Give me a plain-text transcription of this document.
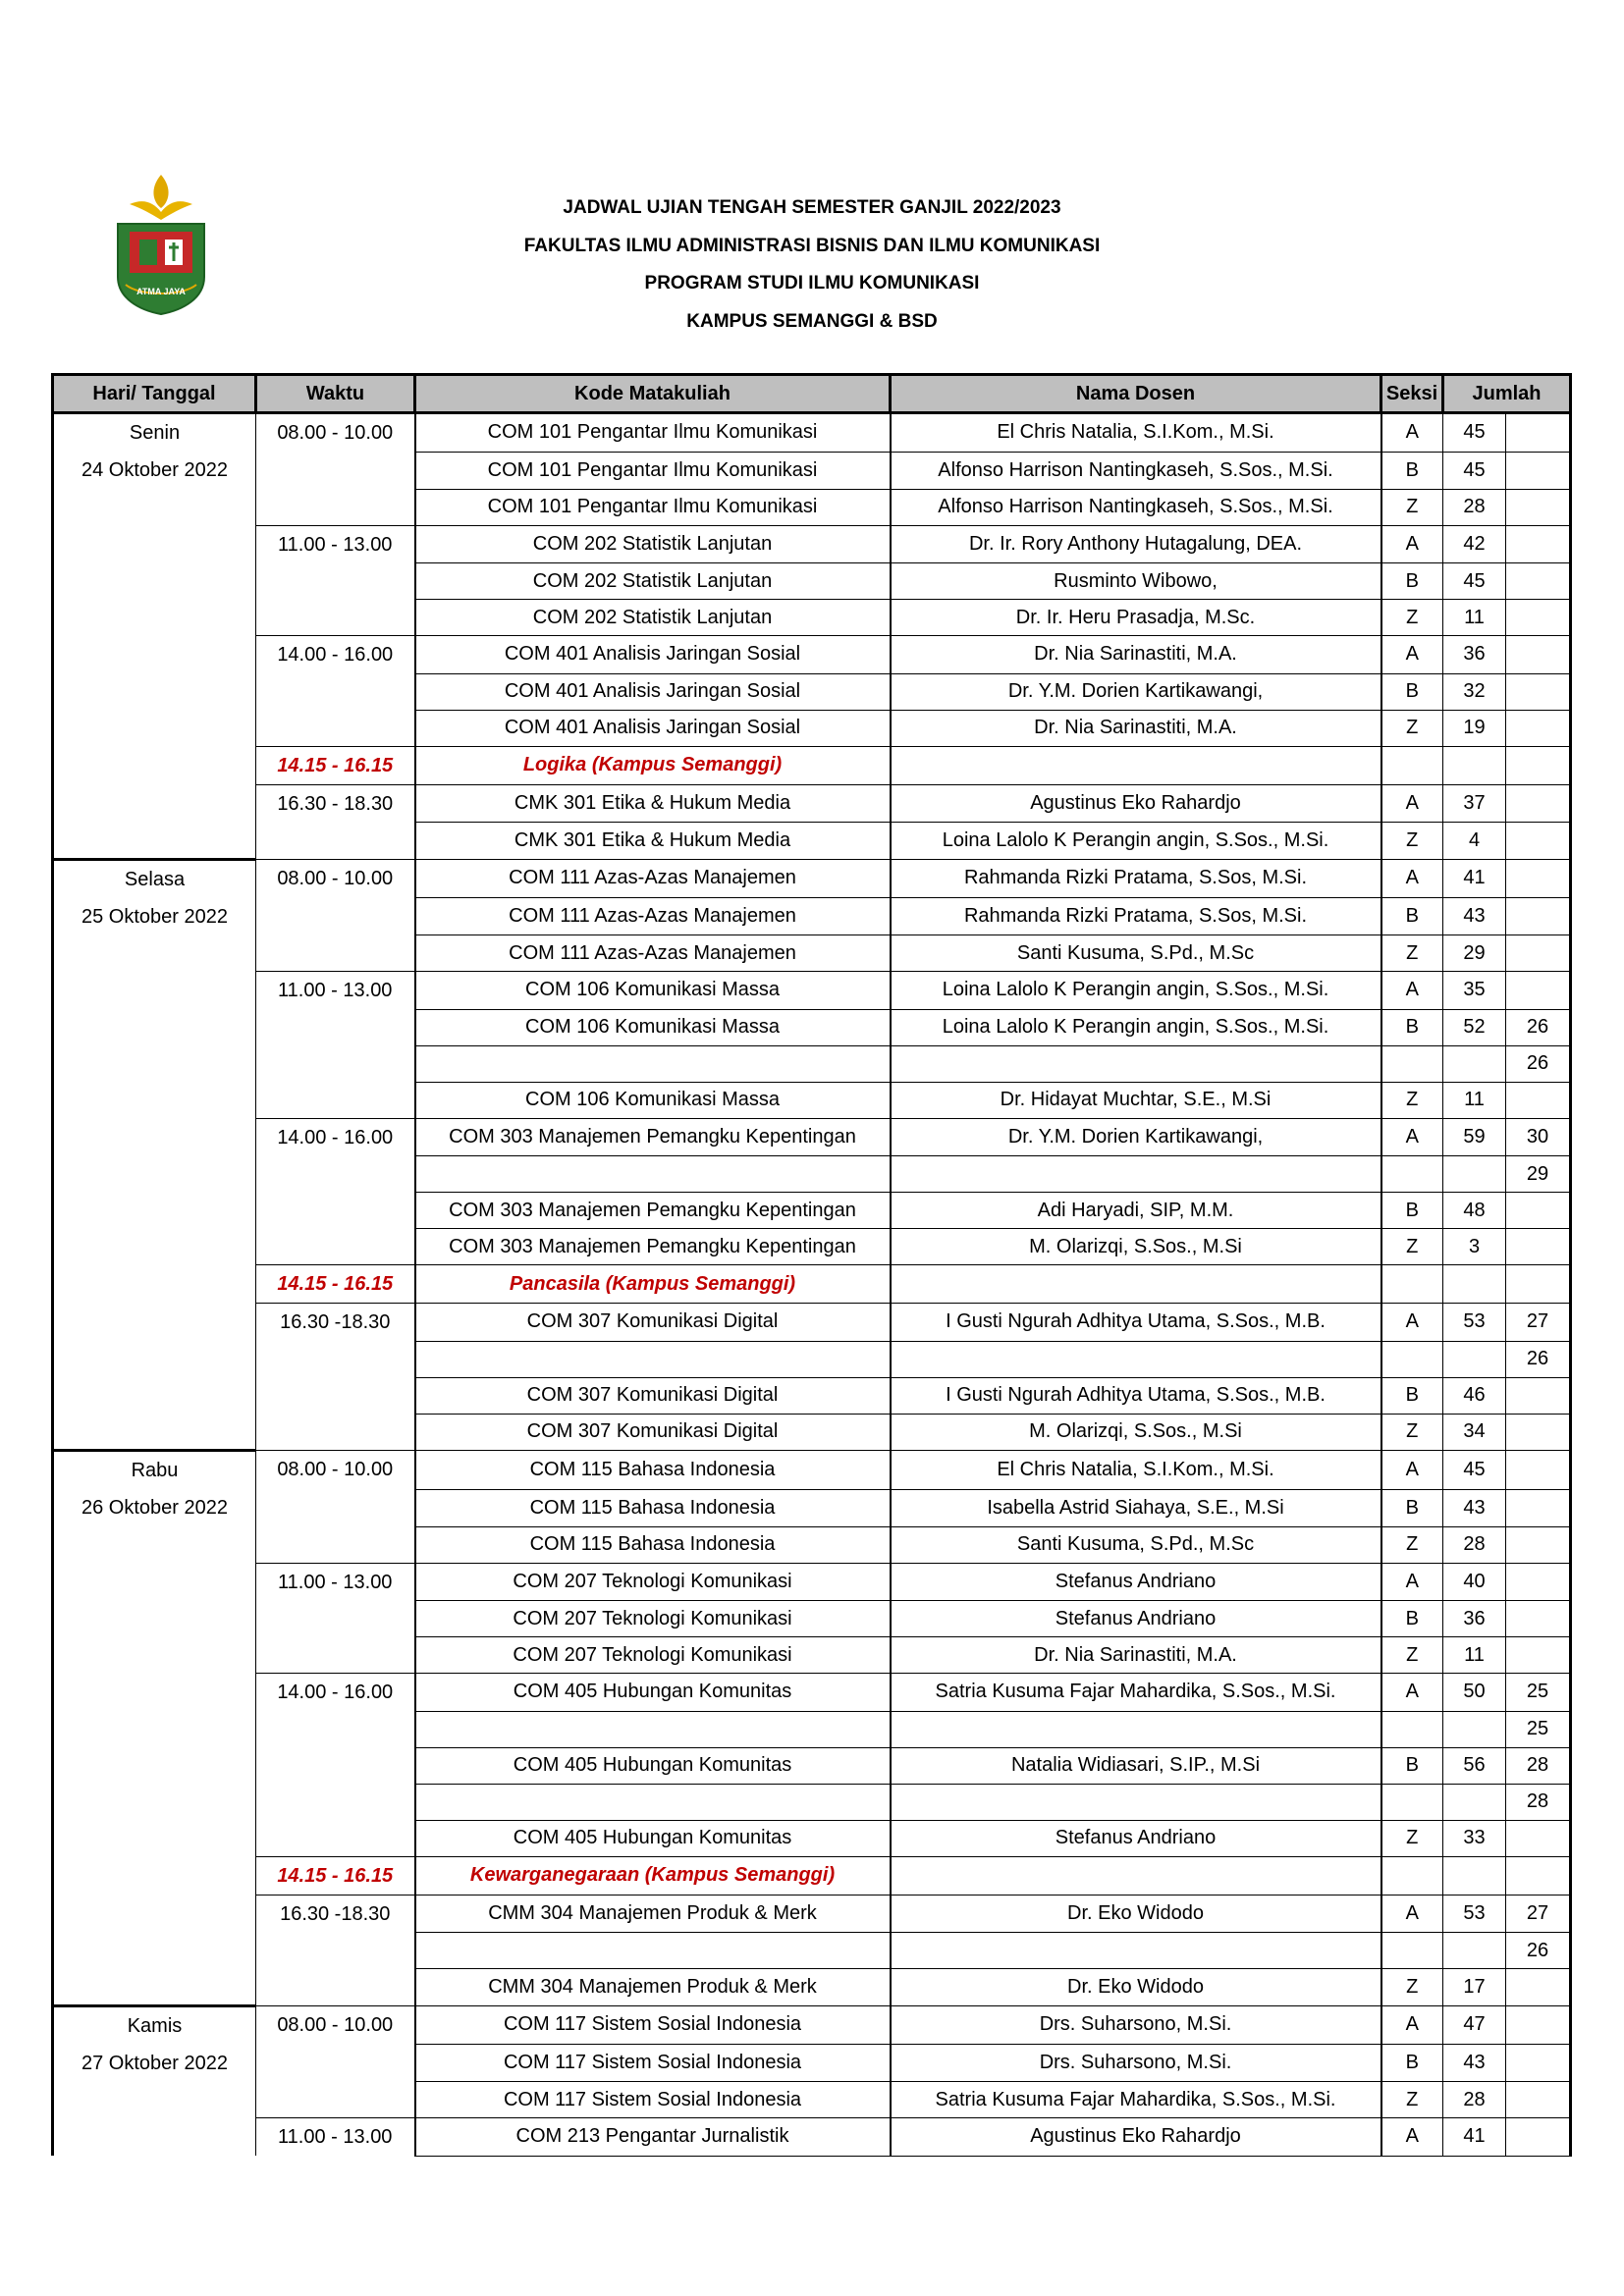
ATMA JAYA
JADWAL UJIAN TENGAH SEMESTER GANJIL 2022/2023
FAKULTAS ILMU ADMINISTRASI BISNIS DAN ILMU KOMUNIKASI
PROGRAM STUDI ILMU KOMUNIKASI
KAMPUS SEMANGGI & BSD
Hari/ Tanggal	Waktu	Kode Matakuliah	Nama Dosen	Seksi	Jumlah	
Senin	08.00 - 10.00	COM 101 Pengantar Ilmu Komunikasi	El Chris Natalia, S.I.Kom., M.Si.	A	45	
24 Oktober 2022		COM 101 Pengantar Ilmu Komunikasi	Alfonso Harrison Nantingkaseh, S.Sos., M.Si.	B	45	
		COM 101 Pengantar Ilmu Komunikasi	Alfonso Harrison Nantingkaseh, S.Sos., M.Si.	Z	28	
	11.00 - 13.00	COM 202 Statistik Lanjutan	Dr. Ir. Rory Anthony Hutagalung, DEA.	A	42	
		COM 202 Statistik Lanjutan	Rusminto Wibowo,	B	45	
		COM 202 Statistik Lanjutan	Dr. Ir. Heru Prasadja, M.Sc.	Z	11	
	14.00 - 16.00	COM 401 Analisis Jaringan Sosial	Dr. Nia Sarinastiti, M.A.	A	36	
		COM 401 Analisis Jaringan Sosial	Dr. Y.M. Dorien Kartikawangi,	B	32	
		COM 401 Analisis Jaringan Sosial	Dr. Nia Sarinastiti, M.A.	Z	19	
	14.15 - 16.15	Logika (Kampus Semanggi)				
	16.30 - 18.30	CMK 301 Etika & Hukum Media	Agustinus Eko Rahardjo	A	37	
		CMK 301 Etika & Hukum Media	Loina Lalolo K Perangin angin, S.Sos., M.Si.	Z	4	
Selasa	08.00 - 10.00	COM 111 Azas-Azas Manajemen	Rahmanda Rizki Pratama, S.Sos, M.Si.	A	41	
25 Oktober 2022		COM 111 Azas-Azas Manajemen	Rahmanda Rizki Pratama, S.Sos, M.Si.	B	43	
		COM 111 Azas-Azas Manajemen	Santi Kusuma, S.Pd., M.Sc	Z	29	
	11.00 - 13.00	COM 106 Komunikasi Massa	Loina Lalolo K Perangin angin, S.Sos., M.Si.	A	35	
		COM 106 Komunikasi Massa	Loina Lalolo K Perangin angin, S.Sos., M.Si.	B	52	26
						26
		COM 106 Komunikasi Massa	Dr. Hidayat Muchtar, S.E., M.Si	Z	11	
	14.00 - 16.00	COM 303 Manajemen Pemangku Kepentingan	Dr. Y.M. Dorien Kartikawangi,	A	59	30
						29
		COM 303 Manajemen Pemangku Kepentingan	Adi Haryadi, SIP, M.M.	B	48	
		COM 303 Manajemen Pemangku Kepentingan	M. Olarizqi, S.Sos., M.Si	Z	3	
	14.15 - 16.15	Pancasila (Kampus Semanggi)				
	16.30 -18.30	COM 307 Komunikasi Digital	I Gusti Ngurah Adhitya Utama, S.Sos., M.B.	A	53	27
						26
		COM 307 Komunikasi Digital	I Gusti Ngurah Adhitya Utama, S.Sos., M.B.	B	46	
		COM 307 Komunikasi Digital	M. Olarizqi, S.Sos., M.Si	Z	34	
Rabu	08.00 - 10.00	COM 115 Bahasa Indonesia	El Chris Natalia, S.I.Kom., M.Si.	A	45	
26 Oktober 2022		COM 115 Bahasa Indonesia	Isabella Astrid Siahaya, S.E., M.Si	B	43	
		COM 115 Bahasa Indonesia	Santi Kusuma, S.Pd., M.Sc	Z	28	
	11.00 - 13.00	COM 207 Teknologi Komunikasi	Stefanus Andriano	A	40	
		COM 207 Teknologi Komunikasi	Stefanus Andriano	B	36	
		COM 207 Teknologi Komunikasi	Dr. Nia Sarinastiti, M.A.	Z	11	
	14.00 - 16.00	COM 405 Hubungan Komunitas	Satria Kusuma Fajar Mahardika, S.Sos., M.Si.	A	50	25
						25
		COM 405 Hubungan Komunitas	Natalia Widiasari, S.IP., M.Si	B	56	28
						28
		COM 405 Hubungan Komunitas	Stefanus Andriano	Z	33	
	14.15 - 16.15	Kewarganegaraan (Kampus Semanggi)				
	16.30 -18.30	CMM 304 Manajemen Produk & Merk	Dr. Eko Widodo	A	53	27
						26
		CMM 304 Manajemen Produk & Merk	Dr. Eko Widodo	Z	17	
Kamis	08.00 - 10.00	COM 117 Sistem Sosial Indonesia	Drs. Suharsono, M.Si.	A	47	
27 Oktober 2022		COM 117 Sistem Sosial Indonesia	Drs. Suharsono, M.Si.	B	43	
		COM 117 Sistem Sosial Indonesia	Satria Kusuma Fajar Mahardika, S.Sos., M.Si.	Z	28	
	11.00 - 13.00	COM 213 Pengantar Jurnalistik	Agustinus Eko Rahardjo	A	41	
